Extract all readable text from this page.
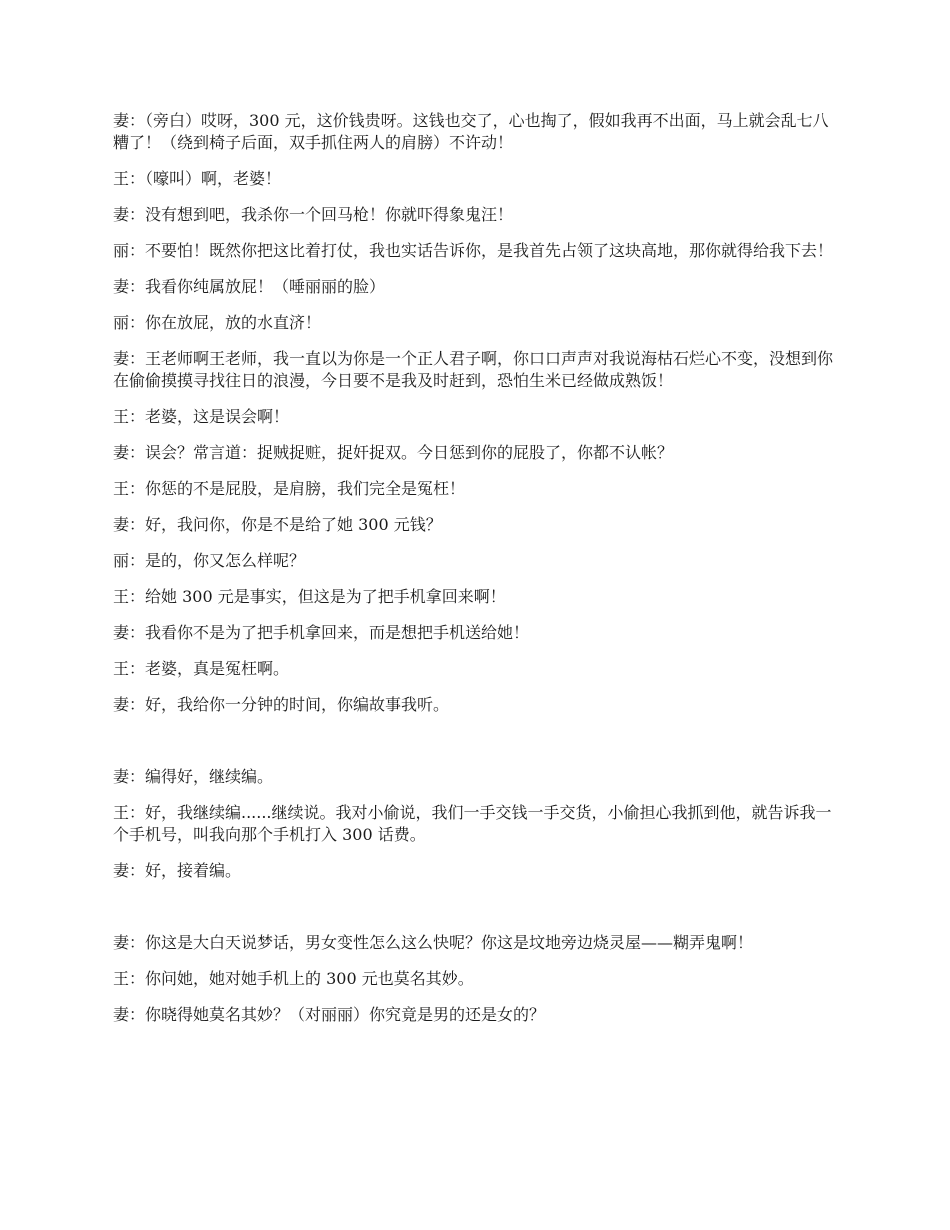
妻：（旁白）哎呀，300 元，这价钱贵呀。这钱也交了，心也掏了，假如我再不出面，马上就会乱七八糟了！（绕到椅子后面，双手抓住两人的肩膀）不许动！

王：（嚎叫）啊，老婆！

妻：没有想到吧，我杀你一个回马枪！你就吓得象鬼汪！

丽：不要怕！既然你把这比着打仗，我也实话告诉你，是我首先占领了这块高地，那你就得给我下去！

妻：我看你纯属放屁！（唾丽丽的脸）

丽：你在放屁，放的水直济！

妻：王老师啊王老师，我一直以为你是一个正人君子啊，你口口声声对我说海枯石烂心不变，没想到你在偷偷摸摸寻找往日的浪漫，今日要不是我及时赶到，恐怕生米已经做成熟饭！

王：老婆，这是误会啊！

妻：误会？常言道：捉贼捉赃，捉奸捉双。今日惩到你的屁股了，你都不认帐？

王：你惩的不是屁股，是肩膀，我们完全是冤枉！

妻：好，我问你，你是不是给了她 300 元钱？

丽：是的，你又怎么样呢？

王：给她 300 元是事实，但这是为了把手机拿回来啊！

妻：我看你不是为了把手机拿回来，而是想把手机送给她！

王：老婆，真是冤枉啊。

妻：好，我给你一分钟的时间，你编故事我听。

妻：编得好，继续编。

王：好，我继续编......继续说。我对小偷说，我们一手交钱一手交货，小偷担心我抓到他，就告诉我一个手机号，叫我向那个手机打入 300 话费。

妻：好，接着编。

妻：你这是大白天说梦话，男女变性怎么这么快呢？你这是坟地旁边烧灵屋——糊弄鬼啊！

王：你问她，她对她手机上的 300 元也莫名其妙。

妻：你晓得她莫名其妙？（对丽丽）你究竟是男的还是女的？
